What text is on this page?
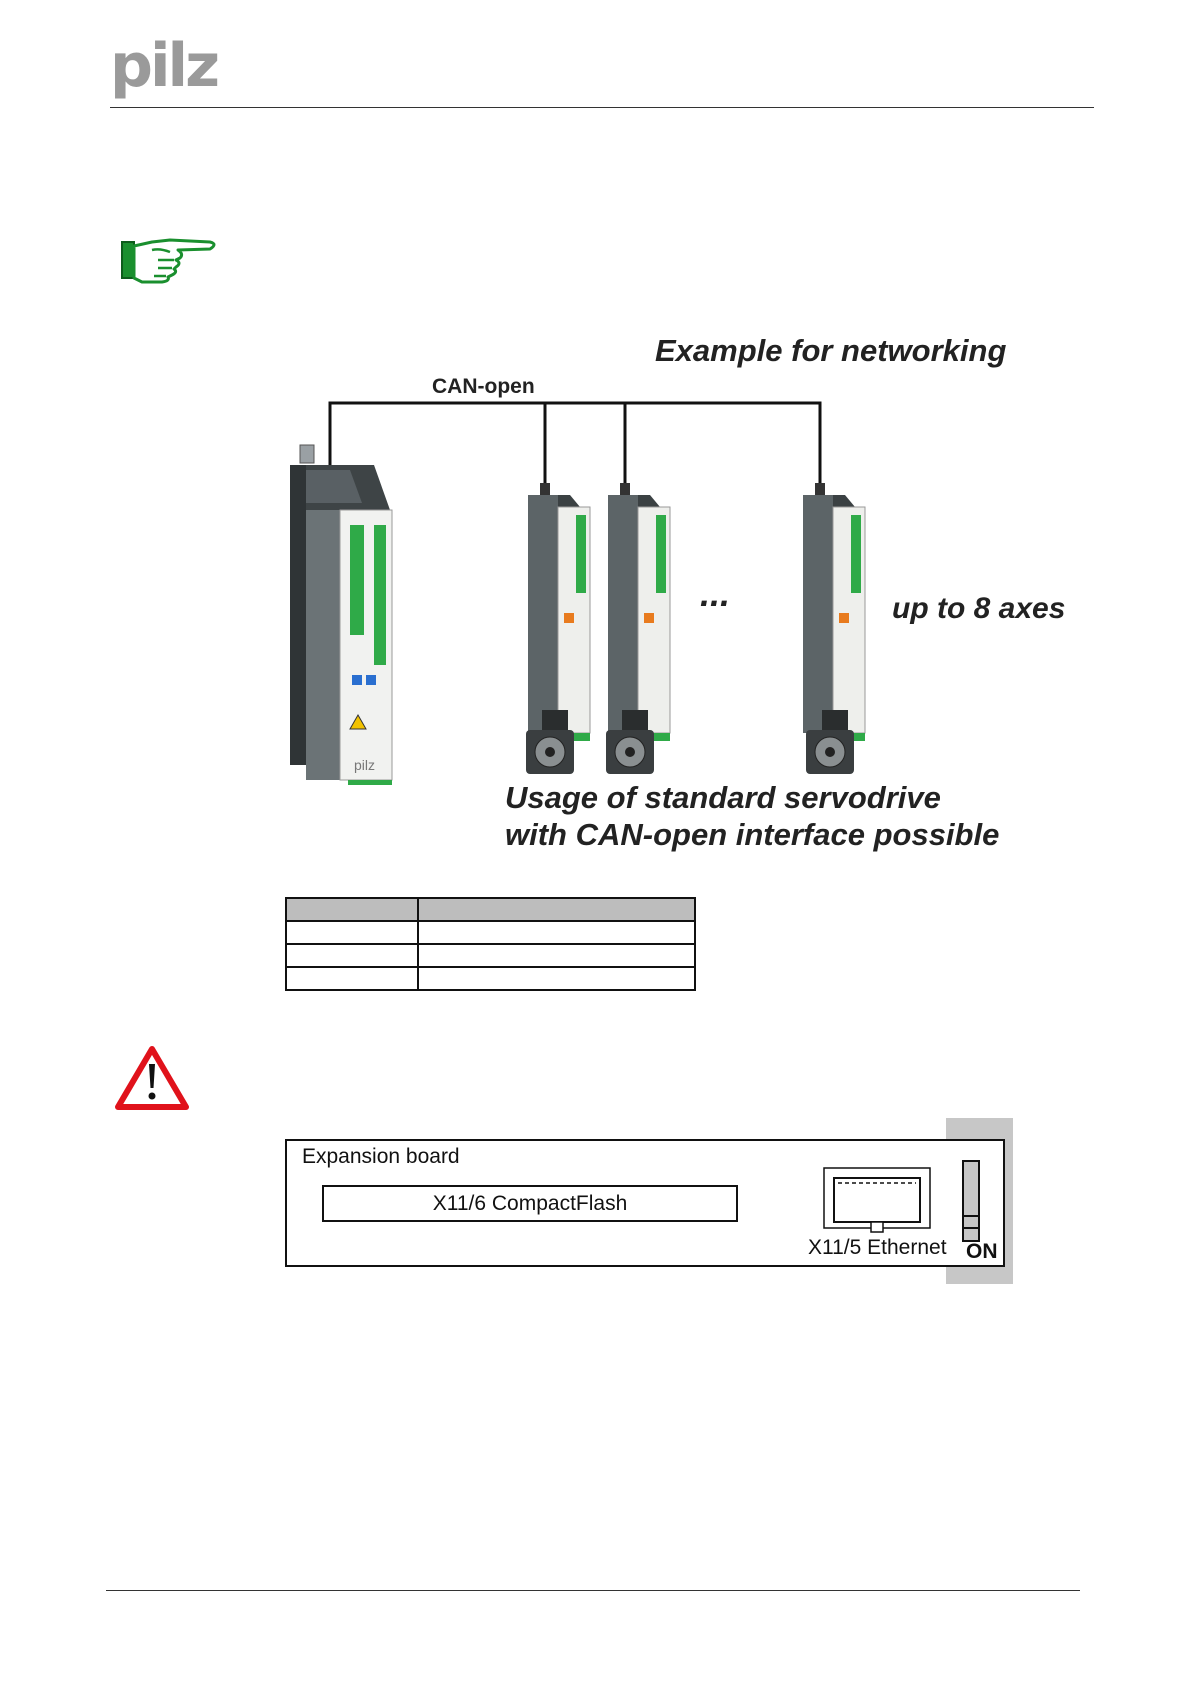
pilz
Example for networking
CAN-open
pilz
...	up to 8 axes
Usage of standard servodrive
with CAN-open interface possible

Expansion board
X11/6 CompactFlash
X11/5 Ethernet ON
